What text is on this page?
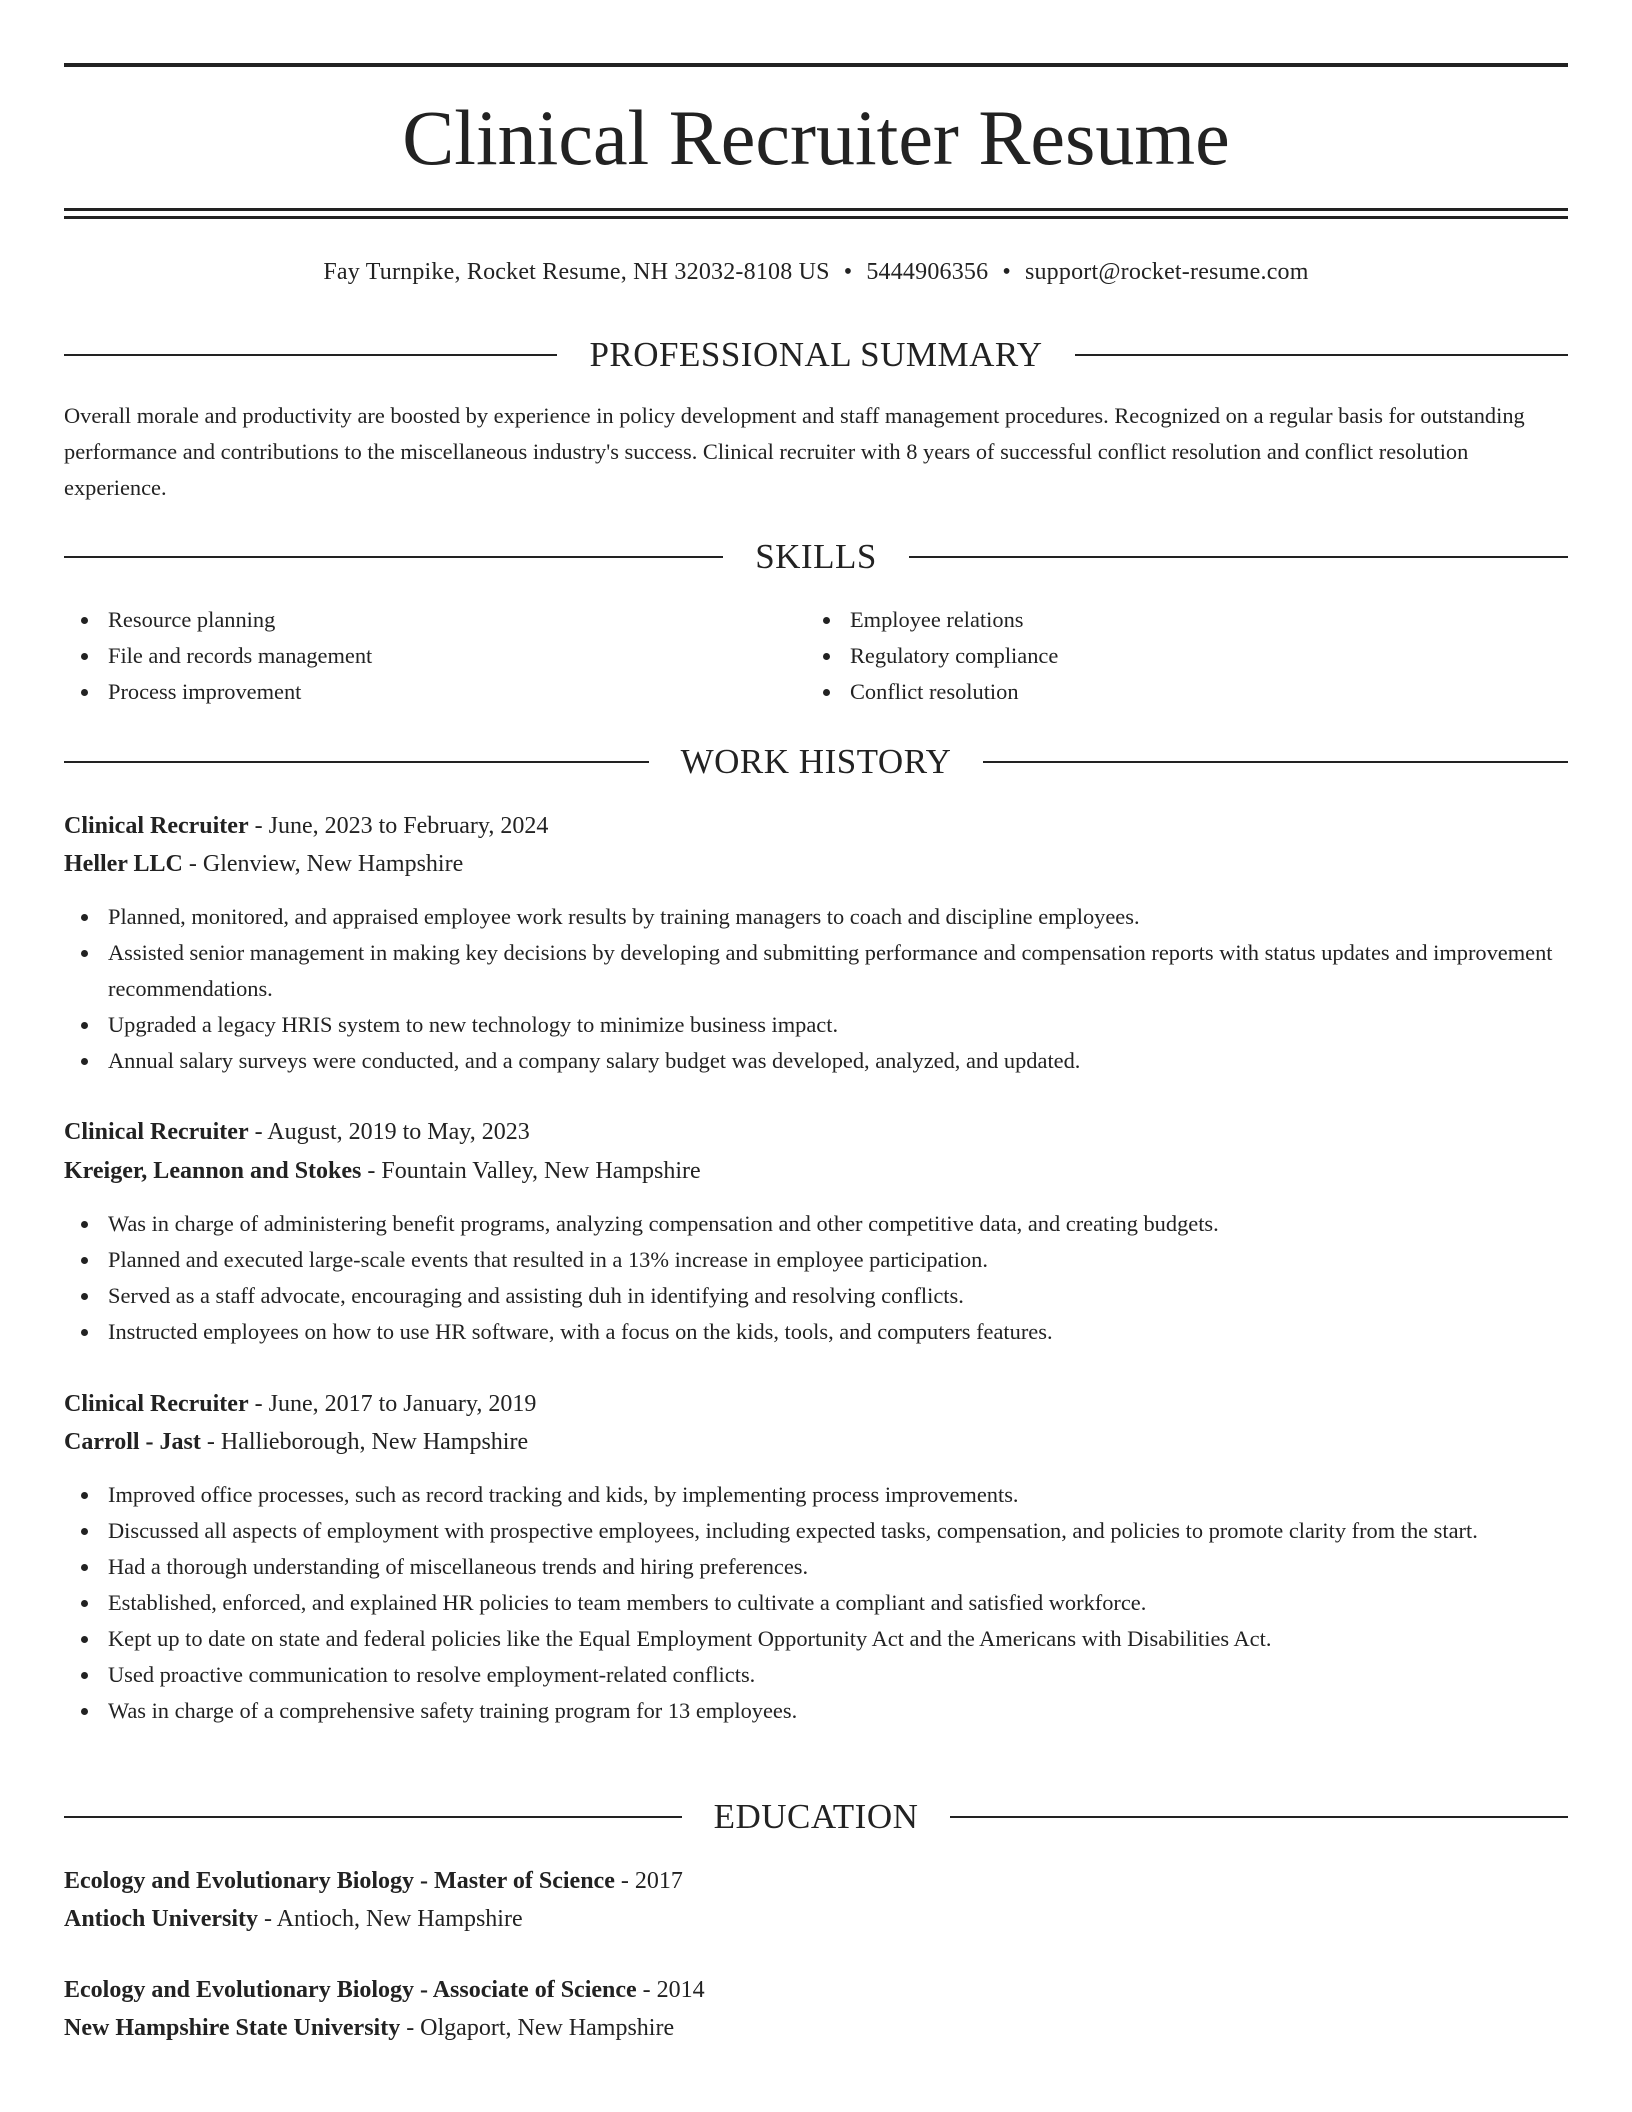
Clinical Recruiter Resume
Fay Turnpike, Rocket Resume, NH 32032-8108 US • 5444906356 • support@rocket-resume.com
PROFESSIONAL SUMMARY

Overall morale and productivity are boosted by experience in policy development and staff management procedures. Recognized on a regular basis for outstanding performance and contributions to the miscellaneous industry's success. Clinical recruiter with 8 years of successful conflict resolution and conflict resolution experience.

SKILLS
Resource planning
File and records management
Process improvement
Employee relations
Regulatory compliance
Conflict resolution
WORK HISTORY
Clinical Recruiter - June, 2023 to February, 2024
Heller LLC - Glenview, New Hampshire
Planned, monitored, and appraised employee work results by training managers to coach and discipline employees.
Assisted senior management in making key decisions by developing and submitting performance and compensation reports with status updates and improvement recommendations.
Upgraded a legacy HRIS system to new technology to minimize business impact.
Annual salary surveys were conducted, and a company salary budget was developed, analyzed, and updated.
Clinical Recruiter - August, 2019 to May, 2023
Kreiger, Leannon and Stokes - Fountain Valley, New Hampshire
Was in charge of administering benefit programs, analyzing compensation and other competitive data, and creating budgets.
Planned and executed large-scale events that resulted in a 13% increase in employee participation.
Served as a staff advocate, encouraging and assisting duh in identifying and resolving conflicts.
Instructed employees on how to use HR software, with a focus on the kids, tools, and computers features.
Clinical Recruiter - June, 2017 to January, 2019
Carroll - Jast - Hallieborough, New Hampshire
Improved office processes, such as record tracking and kids, by implementing process improvements.
Discussed all aspects of employment with prospective employees, including expected tasks, compensation, and policies to promote clarity from the start.
Had a thorough understanding of miscellaneous trends and hiring preferences.
Established, enforced, and explained HR policies to team members to cultivate a compliant and satisfied workforce.
Kept up to date on state and federal policies like the Equal Employment Opportunity Act and the Americans with Disabilities Act.
Used proactive communication to resolve employment-related conflicts.
Was in charge of a comprehensive safety training program for 13 employees.
EDUCATION
Ecology and Evolutionary Biology - Master of Science - 2017
Antioch University - Antioch, New Hampshire
Ecology and Evolutionary Biology - Associate of Science - 2014
New Hampshire State University - Olgaport, New Hampshire
